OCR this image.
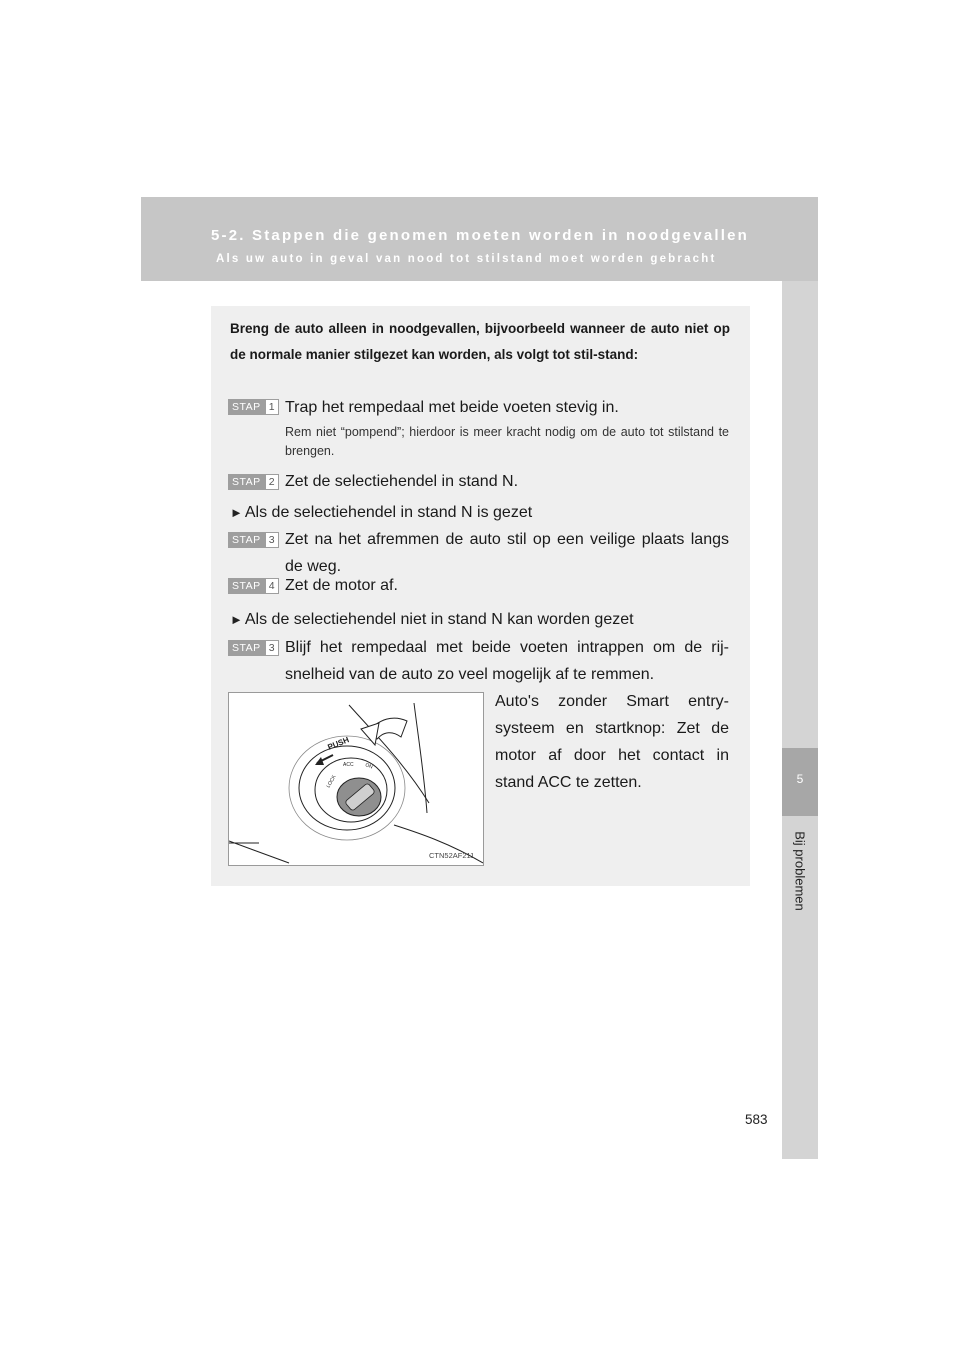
5-2. Stappen die genomen moeten worden in noodgevallen
Als uw auto in geval van nood tot stilstand moet worden gebracht
5
Bij problemen

Breng de auto alleen in noodgevallen, bijvoorbeeld wanneer de auto niet op de normale manier stilgezet kan worden, als volgt tot stil-stand:

STAP 1 Trap het rempedaal met beide voeten stevig in.

Rem niet “pompend”; hierdoor is meer kracht nodig om de auto tot stilstand te brengen.

STAP 2 Zet de selectiehendel in stand N.

► Als de selectiehendel in stand N is gezet
STAP 3 Zet na het afremmen de auto stil op een veilige plaats langs de weg.

STAP 4 Zet de motor af.

► Als de selectiehendel niet in stand N kan worden gezet
STAP 3 Blijf het rempedaal met beide voeten intrappen om de rij-snelheid van de auto zo veel mogelijk af te remmen.

PUSH
LOCK
ACC ON
CTN52AF211

Auto's zonder Smart entry-systeem en startknop: Zet de motor af door het contact in stand ACC te zetten.

583
